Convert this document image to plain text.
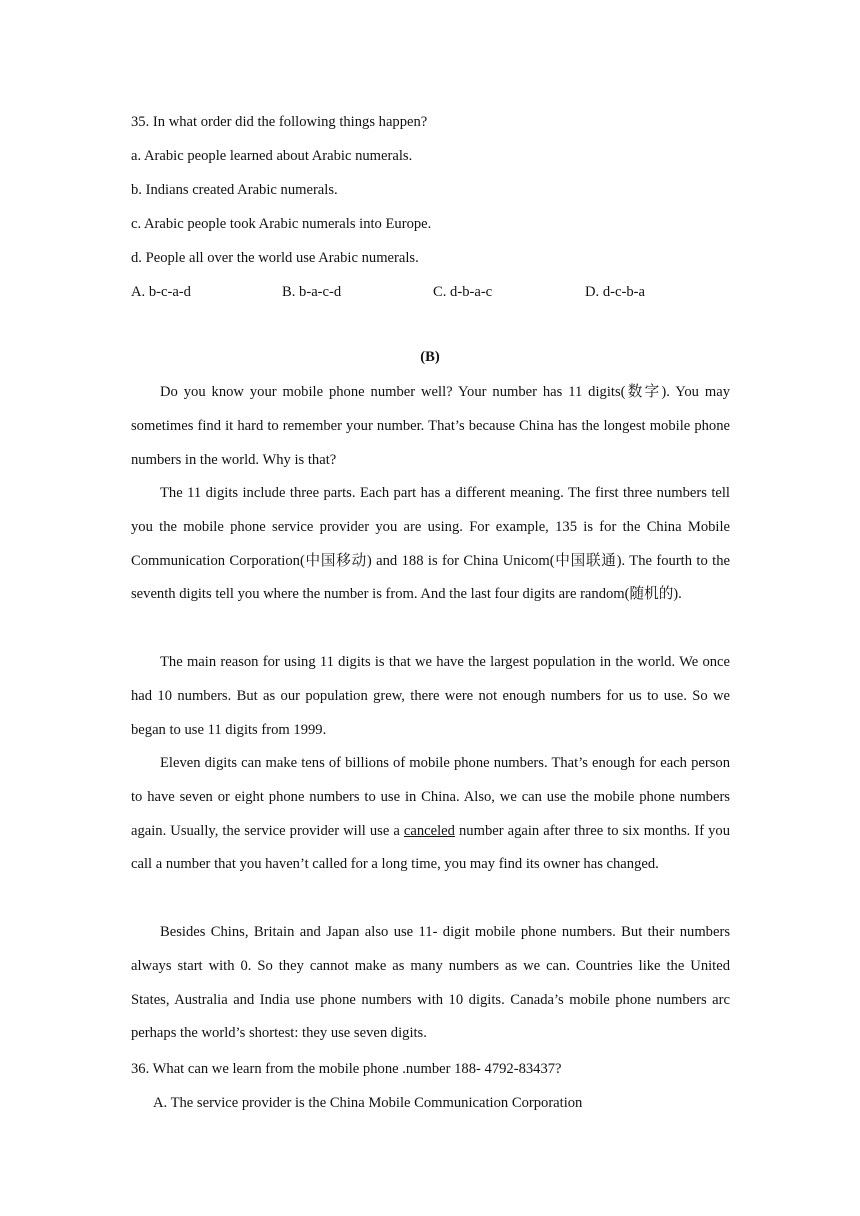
35. In what order did the following things happen?
a. Arabic people learned about Arabic numerals.
b. Indians created Arabic numerals.
c. Arabic people took Arabic numerals into Europe.
d. People all over the world use Arabic numerals.
A. b-c-a-d	B. b-a-c-d	C. d-b-a-c	D. d-c-b-a
(B)
Do you know your mobile phone number well? Your number has 11 digits(数字). You may sometimes find it hard to remember your number. That’s because China has the longest mobile phone numbers in the world. Why is that?
The 11 digits include three parts. Each part has a different meaning. The first three numbers tell you the mobile phone service provider you are using. For example, 135 is for the China Mobile Communication Corporation(中国移动) and 188 is for China Unicom(中国联通). The fourth to the seventh digits tell you where the number is from. And the last four digits are random(随机的).
The main reason for using 11 digits is that we have the largest population in the world. We once had 10 numbers. But as our population grew, there were not enough numbers for us to use. So we began to use 11 digits from 1999.
Eleven digits can make tens of billions of mobile phone numbers. That’s enough for each person to have seven or eight phone numbers to use in China. Also, we can use the mobile phone numbers again. Usually, the service provider will use a canceled number again after three to six months. If you call a number that you haven’t called for a long time, you may find its owner has changed.
Besides Chins, Britain and Japan also use 11- digit mobile phone numbers. But their numbers always start with 0. So they cannot make as many numbers as we can. Countries like the United States, Australia and India use phone numbers with 10 digits. Canada’s mobile phone numbers arc perhaps the world’s shortest: they use seven digits.
36. What can we learn from the mobile phone .number 188- 4792-83437?
A. The service provider is the China Mobile Communication Corporation
